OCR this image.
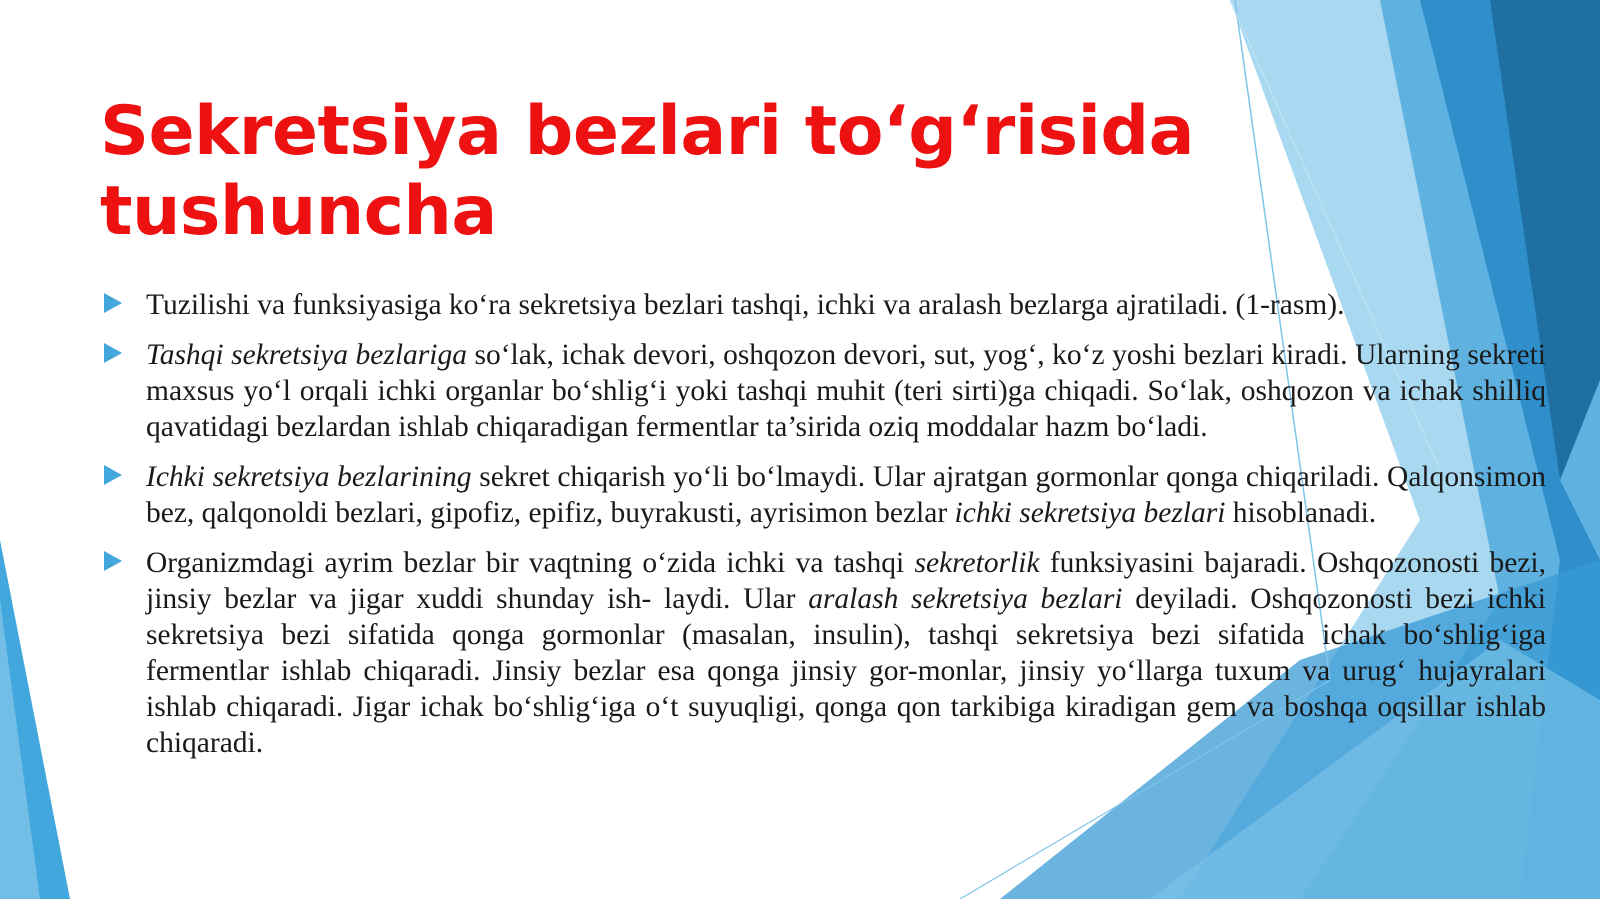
Sekretsiya bezlari to‘g‘risida tushuncha
Tuzilishi va funksiyasiga ko‘ra sekretsiya bezlari tashqi, ichki va aralash bezlarga ajratiladi. (1-rasm).
Tashqi sekretsiya bezlariga so‘lak, ichak devori, oshqozon devori, sut, yog‘, ko‘z yoshi bezlari kiradi. Ularning sekreti maxsus yo‘l orqali ichki organlar bo‘shlig‘i yoki tashqi muhit (teri sirti)ga chiqadi. So‘lak, oshqozon va ichak shilliq qavatidagi bezlardan ishlab chiqaradigan fermentlar ta’sirida oziq moddalar hazm bo‘ladi.
Ichki sekretsiya bezlarining sekret chiqarish yo‘li bo‘lmaydi. Ular ajratgan gormonlar qonga chiqariladi. Qalqonsimon bez, qalqonoldi bezlari, gipofiz, epifiz, buyrakusti, ayrisimon bezlar ichki sekretsiya bezlari hisoblanadi.
Organizmdagi ayrim bezlar bir vaqtning o‘zida ichki va tashqi sekretorlik funksiyasini bajaradi. Oshqozonosti bezi, jinsiy bezlar va jigar xuddi shunday ish- laydi. Ular aralash sekretsiya bezlari deyiladi. Oshqozonosti bezi ichki sekretsiya bezi sifatida qonga gormonlar (masalan, insulin), tashqi sekretsiya bezi sifatida ichak bo‘shlig‘iga fermentlar ishlab chiqaradi. Jinsiy bezlar esa qonga jinsiy gor-monlar, jinsiy yo‘llarga tuxum va urug‘ hujayralari ishlab chiqaradi. Jigar ichak bo‘shlig‘iga o‘t suyuqligi, qonga qon tarkibiga kiradigan gem va boshqa oqsillar ishlab chiqaradi.
